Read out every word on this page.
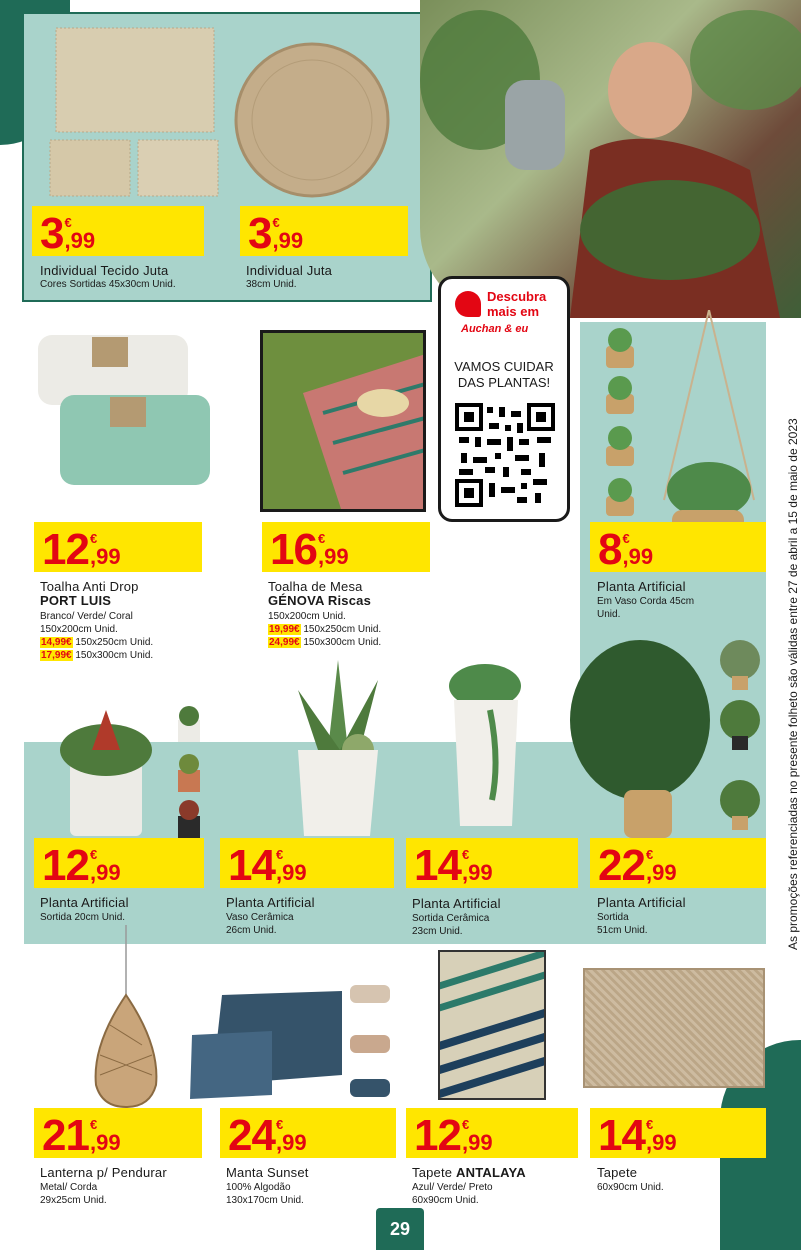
Descubra
mais em
Auchan & eu
VAMOS CUIDAR
DAS PLANTAS!
As promoções referenciadas no presente folheto são válidas entre 27 de abril a 15 de maio de 2023
29
3 €
,99
Individual Tecido Juta
Cores Sortidas 45x30cm Unid.
3 €
,99
Individual Juta
38cm Unid.
12 €
,99
Toalha Anti Drop
PORT LUIS
Branco/ Verde/ Coral
150x200cm Unid.
14,99€ 150x250cm Unid.
17,99€ 150x300cm Unid.
16 €
,99
Toalha de Mesa
GÉNOVA Riscas
150x200cm Unid.
19,99€ 150x250cm Unid.
24,99€ 150x300cm Unid.
8 €
,99
Planta Artificial
Em Vaso Corda 45cm
Unid.
12 €
,99
Planta Artificial
Sortida 20cm Unid.
14 €
,99
Planta Artificial
Vaso Cerâmica
26cm Unid.
14 €
,99
Planta Artificial
Sortida Cerâmica
23cm Unid.
22 €
,99
Planta Artificial
Sortida
51cm Unid.
21 €
,99
Lanterna p/ Pendurar
Metal/ Corda
29x25cm Unid.
24 €
,99
Manta Sunset
100% Algodão
130x170cm Unid.
12 €
,99
Tapete ANTALAYA
Azul/ Verde/ Preto
60x90cm Unid.
14 €
,99
Tapete
60x90cm Unid.
